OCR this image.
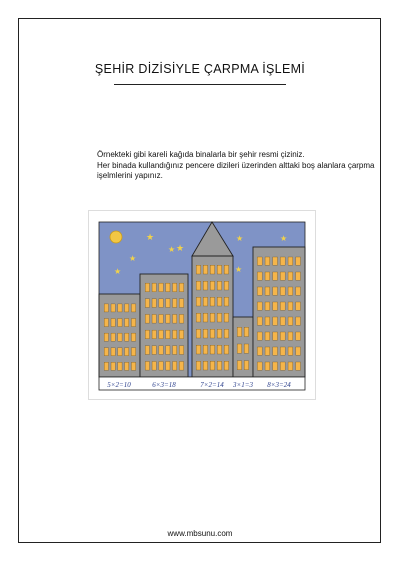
ŞEHİR DİZİSİYLE ÇARPMA İŞLEMİ

Örnekteki gibi kareli kağıda binalarla bir şehir resmi çiziniz.

Her binada kullandığınız pencere dizileri üzerinden alttaki boş alanlara çarpma işelmlerini yapınız.

★
★ ★
★
★
★
★
★
5×2=10	6×3=18	7×2=14 3×1=3 8×3=24
www.mbsunu.com
